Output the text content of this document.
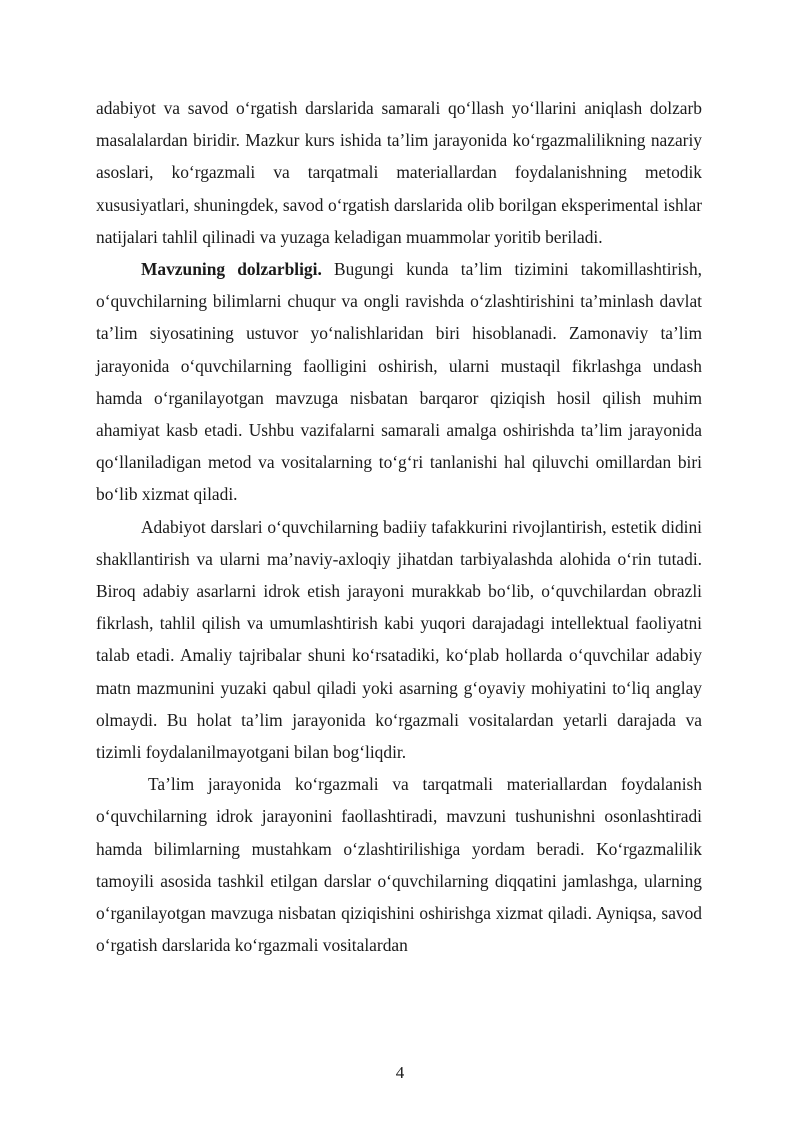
adabiyot va savod o‘rgatish darslarida samarali qo‘llash yo‘llarini aniqlash dolzarb masalalardan biridir. Mazkur kurs ishida ta’lim jarayonida ko‘rgazmalilikning nazariy asoslari, ko‘rgazmali va tarqatmali materiallardan foydalanishning metodik xususiyatlari, shuningdek, savod o‘rgatish darslarida olib borilgan eksperimental ishlar natijalari tahlil qilinadi va yuzaga keladigan muammolar yoritib beriladi.

Mavzuning dolzarbligi. Bugungi kunda ta’lim tizimini takomillashtirish, o‘quvchilarning bilimlarni chuqur va ongli ravishda o‘zlashtirishini ta’minlash davlat ta’lim siyosatining ustuvor yo‘nalishlaridan biri hisoblanadi. Zamonaviy ta’lim jarayonida o‘quvchilarning faolligini oshirish, ularni mustaqil fikrlashga undash hamda o‘rganilayotgan mavzuga nisbatan barqaror qiziqish hosil qilish muhim ahamiyat kasb etadi. Ushbu vazifalarni samarali amalga oshirishda ta’lim jarayonida qo‘llaniladigan metod va vositalarning to‘g‘ri tanlanishi hal qiluvchi omillardan biri bo‘lib xizmat qiladi.

Adabiyot darslari o‘quvchilarning badiiy tafakkurini rivojlantirish, estetik didini shakllantirish va ularni ma’naviy-axloqiy jihatdan tarbiyalashda alohida o‘rin tutadi. Biroq adabiy asarlarni idrok etish jarayoni murakkab bo‘lib, o‘quvchilardan obrazli fikrlash, tahlil qilish va umumlashtirish kabi yuqori darajadagi intellektual faoliyatni talab etadi. Amaliy tajribalar shuni ko‘rsatadiki, ko‘plab hollarda o‘quvchilar adabiy matn mazmunini yuzaki qabul qiladi yoki asarning g‘oyaviy mohiyatini to‘liq anglay olmaydi. Bu holat ta’lim jarayonida ko‘rgazmali vositalardan yetarli darajada va tizimli foydalanilmayotgani bilan bog‘liqdir.

Ta’lim jarayonida ko‘rgazmali va tarqatmali materiallardan foydalanish o‘quvchilarning idrok jarayonini faollashtiradi, mavzuni tushunishni osonlashtiradi hamda bilimlarning mustahkam o‘zlashtirilishiga yordam beradi. Ko‘rgazmalilik tamoyili asosida tashkil etilgan darslar o‘quvchilarning diqqatini jamlashga, ularning o‘rganilayotgan mavzuga nisbatan qiziqishini oshirishga xizmat qiladi. Ayniqsa, savod o‘rgatish darslarida ko‘rgazmali vositalardan

4
